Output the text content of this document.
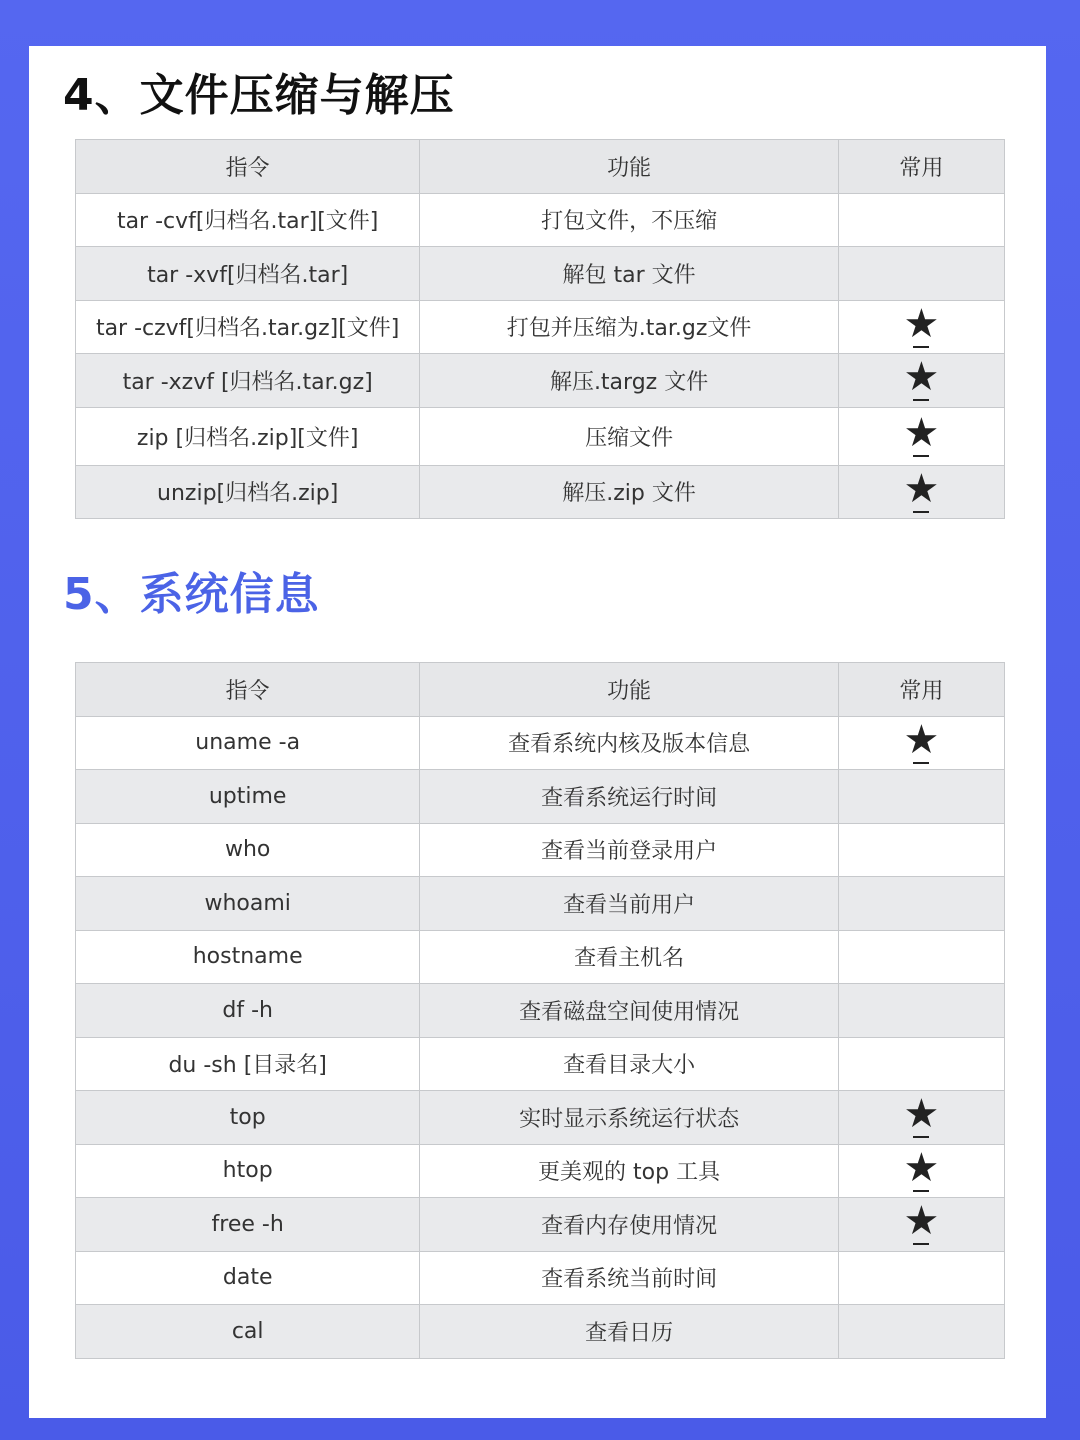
4、文件压缩与解压
指令	功能	常用
tar -cvf[归档名.tar][文件]	打包文件，不压缩	
tar -xvf[归档名.tar]	解包 tar 文件	
tar -czvf[归档名.tar.gz][文件]	打包并压缩为.tar.gz文件	★
tar -xzvf [归档名.tar.gz]	解压.targz 文件	★
zip [归档名.zip][文件]	压缩文件	★
unzip[归档名.zip]	解压.zip 文件	★
5、系统信息
指令	功能	常用
uname -a	查看系统内核及版本信息	★
uptime	查看系统运行时间	
who	查看当前登录用户	
whoami	查看当前用户	
hostname	查看主机名	
df -h	查看磁盘空间使用情况	
du -sh [目录名]	查看目录大小	
top	实时显示系统运行状态	★
htop	更美观的 top 工具	★
free -h	查看内存使用情况	★
date	查看系统当前时间	
cal	查看日历	
